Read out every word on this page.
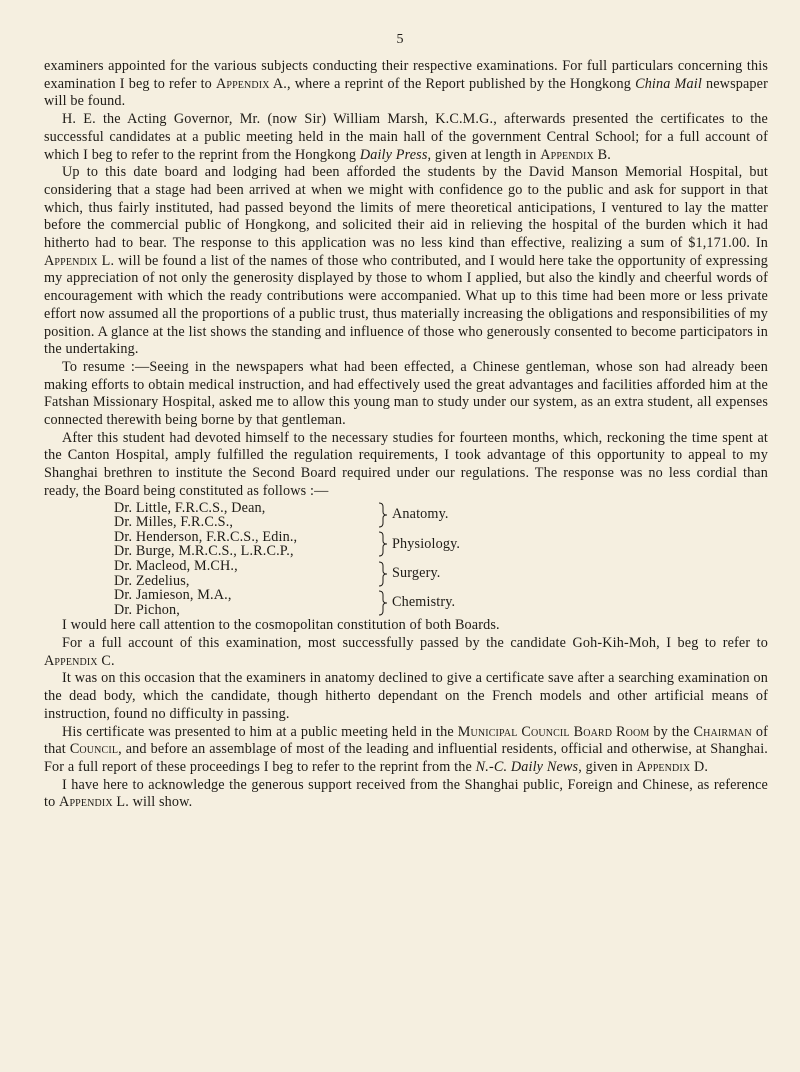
5

examiners appointed for the various subjects conducting their respective examinations. For full particulars concerning this examination I beg to refer to Appendix A., where a reprint of the Report published by the Hongkong China Mail newspaper will be found.

H. E. the Acting Governor, Mr. (now Sir) William Marsh, K.C.M.G., afterwards presented the certificates to the successful candidates at a public meeting held in the main hall of the government Central School; for a full account of which I beg to refer to the reprint from the Hongkong Daily Press, given at length in Appendix B.

Up to this date board and lodging had been afforded the students by the David Manson Memorial Hospital, but considering that a stage had been arrived at when we might with confidence go to the public and ask for support in that which, thus fairly instituted, had passed beyond the limits of mere theoretical anticipations, I ventured to lay the matter before the commercial public of Hongkong, and solicited their aid in relieving the hospital of the burden which it had hitherto had to bear. The response to this application was no less kind than effective, realizing a sum of $1,171.00. In Appendix L. will be found a list of the names of those who contributed, and I would here take the opportunity of expressing my appreciation of not only the generosity displayed by those to whom I applied, but also the kindly and cheerful words of encouragement with which the ready contributions were accompanied. What up to this time had been more or less private effort now assumed all the proportions of a public trust, thus materially increasing the obligations and responsibilities of my position. A glance at the list shows the standing and influence of those who generously consented to become participators in the undertaking.

To resume :—Seeing in the newspapers what had been effected, a Chinese gentleman, whose son had already been making efforts to obtain medical instruction, and had effectively used the great advantages and facilities afforded him at the Fatshan Missionary Hospital, asked me to allow this young man to study under our system, as an extra student, all expenses connected therewith being borne by that gentleman.

After this student had devoted himself to the necessary studies for fourteen months, which, reckoning the time spent at the Canton Hospital, amply fulfilled the regulation requirements, I took advantage of this opportunity to appeal to my Shanghai brethren to institute the Second Board required under our regulations. The response was no less cordial than ready, the Board being constituted as follows :—

Dr. Little, F.R.C.S., Dean,
Dr. Milles, F.R.C.S.,	Anatomy.
Dr. Henderson, F.R.C.S., Edin.,
Dr. Burge, M.R.C.S., L.R.C.P.,	Physiology.
Dr. Macleod, M.CH.,
Dr. Zedelius,	Surgery.
Dr. Jamieson, M.A.,
Dr. Pichon,	Chemistry.

I would here call attention to the cosmopolitan constitution of both Boards.

For a full account of this examination, most successfully passed by the candidate Goh-Kih-Moh, I beg to refer to Appendix C.

It was on this occasion that the examiners in anatomy declined to give a certificate save after a searching examination on the dead body, which the candidate, though hitherto dependant on the French models and other artificial means of instruction, found no difficulty in passing.

His certificate was presented to him at a public meeting held in the Municipal Council Board Room by the Chairman of that Council, and before an assemblage of most of the leading and influential residents, official and otherwise, at Shanghai. For a full report of these proceedings I beg to refer to the reprint from the N.-C. Daily News, given in Appendix D.

I have here to acknowledge the generous support received from the Shanghai public, Foreign and Chinese, as reference to Appendix L. will show.
